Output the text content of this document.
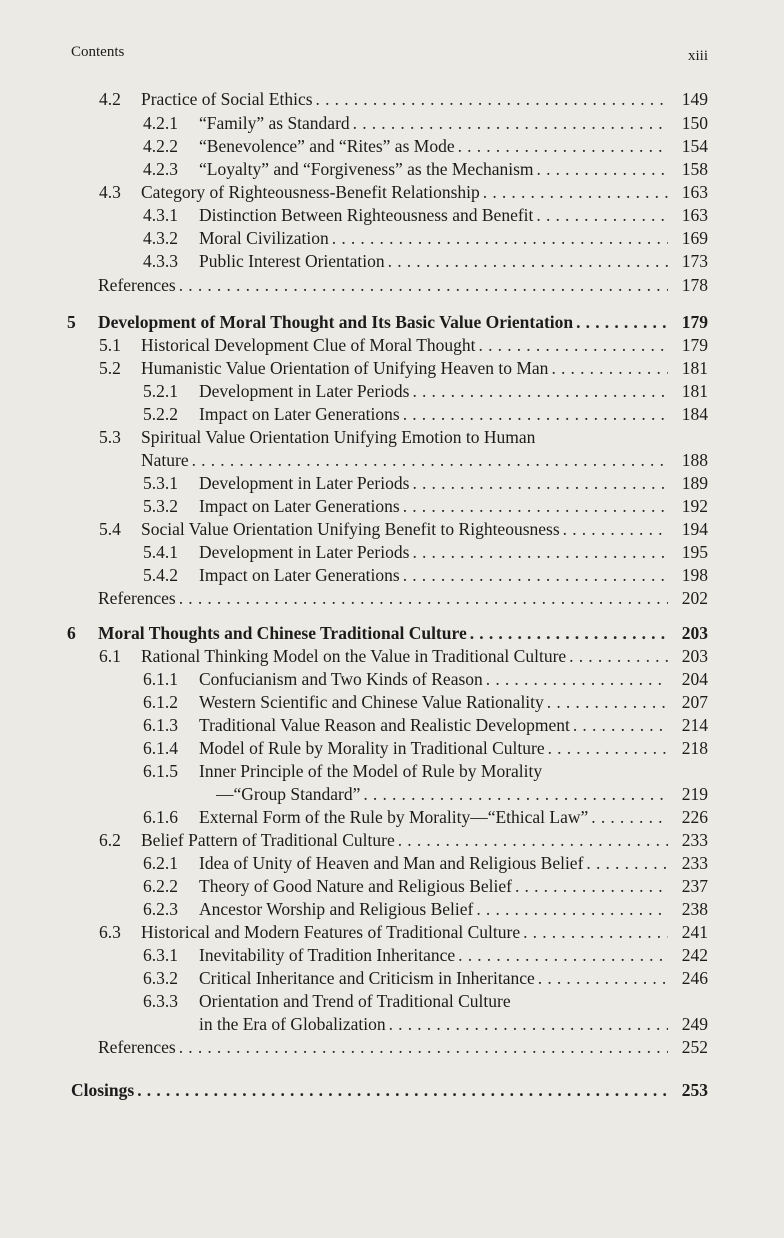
Contents	xiii
4.2 Practice of Social Ethics . . .	149
4.2.1 “Family” as Standard . . .	150
4.2.2 “Benevolence” and “Rites” as Mode . . .	154
4.2.3 “Loyalty” and “Forgiveness” as the Mechanism . . .	158
4.3 Category of Righteousness-Benefit Relationship . . .	163
4.3.1 Distinction Between Righteousness and Benefit . . .	163
4.3.2 Moral Civilization . . .	169
4.3.3 Public Interest Orientation . . .	173
References . . .	178
5 Development of Moral Thought and Its Basic Value Orientation . . .	179
5.1 Historical Development Clue of Moral Thought . . .	179
5.2 Humanistic Value Orientation of Unifying Heaven to Man . . .	181
5.2.1 Development in Later Periods . . .	181
5.2.2 Impact on Later Generations . . .	184
5.3 Spiritual Value Orientation Unifying Emotion to Human
Nature . . .	188
5.3.1 Development in Later Periods . . .	189
5.3.2 Impact on Later Generations . . .	192
5.4 Social Value Orientation Unifying Benefit to Righteousness . . .	194
5.4.1 Development in Later Periods . . .	195
5.4.2 Impact on Later Generations . . .	198
References . . .	202
6 Moral Thoughts and Chinese Traditional Culture . . .	203
6.1 Rational Thinking Model on the Value in Traditional Culture . . .	203
6.1.1 Confucianism and Two Kinds of Reason . . .	204
6.1.2 Western Scientific and Chinese Value Rationality . . .	207
6.1.3 Traditional Value Reason and Realistic Development . . .	214
6.1.4 Model of Rule by Morality in Traditional Culture . . .	218
6.1.5 Inner Principle of the Model of Rule by Morality
—“Group Standard” . . .	219
6.1.6 External Form of the Rule by Morality—“Ethical Law” . . .	226
6.2 Belief Pattern of Traditional Culture . . .	233
6.2.1 Idea of Unity of Heaven and Man and Religious Belief . . .	233
6.2.2 Theory of Good Nature and Religious Belief . . .	237
6.2.3 Ancestor Worship and Religious Belief . . .	238
6.3 Historical and Modern Features of Traditional Culture . . .	241
6.3.1 Inevitability of Tradition Inheritance . . .	242
6.3.2 Critical Inheritance and Criticism in Inheritance . . .	246
6.3.3 Orientation and Trend of Traditional Culture
in the Era of Globalization . . .	249
References . . .	252
Closings . . .	253
